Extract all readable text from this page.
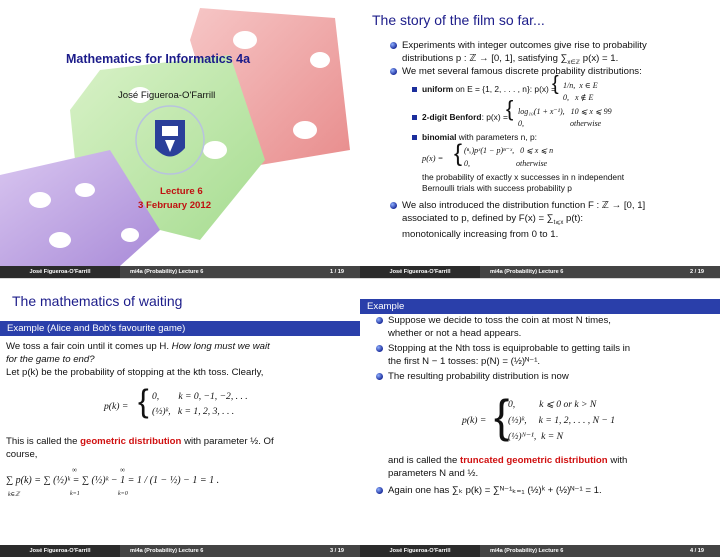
Mathematics for Informatics 4a
José Figueroa-O'Farrill
Lecture 6
3 February 2012
José Figueroa-O'Farrill	mi4a (Probability) Lecture 6	1 / 19
The story of the film so far...
Experiments with integer outcomes give rise to probability
distributions p : ℤ → [0, 1], satisfying $\sum_{x\in ℤ}$ p(x) = 1.
We met several famous discrete probability distributions:
uniform on E = {1, 2, . . . , n}: p(x) =
{ 1/n,  x ∈ E
0,   x ∉ E
2-digit Benford: p(x) =
{ log₁₀(1 + x⁻¹),   10 ⩽ x ⩽ 99
0,                       otherwise
binomial with parameters n, p:
p(x) = { (ⁿₓ)pˣ(1 − p)ⁿ⁻ˣ,   0 ⩽ x ⩽ n
0,                       otherwise
the probability of exactly x successes in n independent
Bernoulli trials with success probability p
We also introduced the distribution function F : ℤ → [0, 1]
associated to p, defined by $F(x) = \sum_{t⩽x}$ p(t):
monotonically increasing from 0 to 1.
José Figueroa-O'Farrill	mi4a (Probability) Lecture 6	2 / 19
The mathematics of waiting
Example (Alice and Bob's favourite game)
We toss a fair coin until it comes up H. How long must we wait
for the game to end?
Let p(k) be the probability of stopping at the kth toss. Clearly,
p(k) = { 0,        k = 0, −1, −2, . . .
(½)ᵏ,   k = 1, 2, 3, . . .
This is called the geometric distribution with parameter ½. Of
course,
∑ p(k) = ∑ (½)ᵏ = ∑ (½)ᵏ − 1 = 1 / (1 − ½) − 1 = 1 .
k∈ℤ	k=1	k=0
∞	∞
José Figueroa-O'Farrill	mi4a (Probability) Lecture 6	3 / 19
Example
Suppose we decide to toss the coin at most N times,
whether or not a head appears.
Stopping at the Nth toss is equiprobable to getting tails in
the first N − 1 tosses: p(N) = (½)ᴺ⁻¹.
The resulting probability distribution is now
p(k) = {
0,          k ⩽ 0 or k > N
(½)ᵏ,     k = 1, 2, . . . , N − 1
(½)ᴺ⁻¹,  k = N
and is called the truncated geometric distribution with
parameters N and ½.
Again one has ∑ₖ p(k) = ∑ᴺ⁻¹ₖ₌₁ (½)ᵏ + (½)ᴺ⁻¹ = 1.
José Figueroa-O'Farrill	mi4a (Probability) Lecture 6	4 / 19
